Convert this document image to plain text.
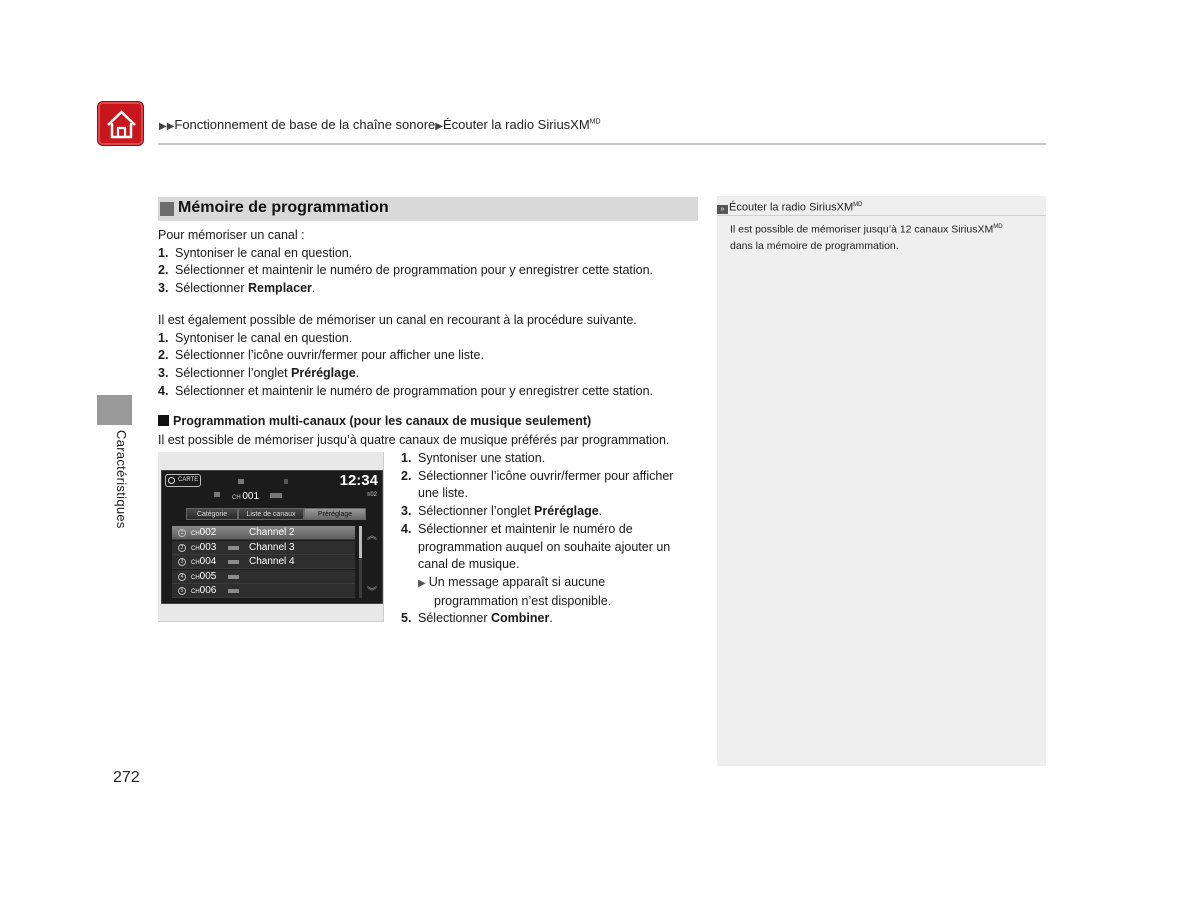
▶▶Fonctionnement de base de la chaîne sonore▶Écouter la radio SiriusXM$^{MD}$
Caractéristiques
272
Mémoire de programmation
Pour mémoriser un canal :
1. Syntoniser le canal en question.
2. Sélectionner et maintenir le numéro de programmation pour y enregistrer cette station.
3. Sélectionner Remplacer.
Il est également possible de mémoriser un canal en recourant à la procédure suivante.
1. Syntoniser le canal en question.
2. Sélectionner l’icône ouvrir/fermer pour afficher une liste.
3. Sélectionner l’onglet Préréglage.
4. Sélectionner et maintenir le numéro de programmation pour y enregistrer cette station.
Programmation multi-canaux (pour les canaux de musique seulement)
Il est possible de mémoriser jusqu’à quatre canaux de musique préférés par programmation.
CARTE	12:34
CH 001	≡02
Catégorie	Liste de canaux	Préréglage
1	CH002	Channel 2
2	CH003	Channel 3
3	CH004	Channel 4
4	CH005
5	CH006
︽
︾
1. Syntoniser une station.
2. Sélectionner l’icône ouvrir/fermer pour afficher
une liste.
3. Sélectionner l’onglet Préréglage.
4. Sélectionner et maintenir le numéro de
programmation auquel on souhaite ajouter un
canal de musique.
▶ Un message apparaît si aucune
programmation n’est disponible.
5. Sélectionner Combiner.
» Écouter la radio SiriusXM$^{MD}$
Il est possible de mémoriser jusqu’à 12 canaux SiriusXM$^{MD}$
dans la mémoire de programmation.
